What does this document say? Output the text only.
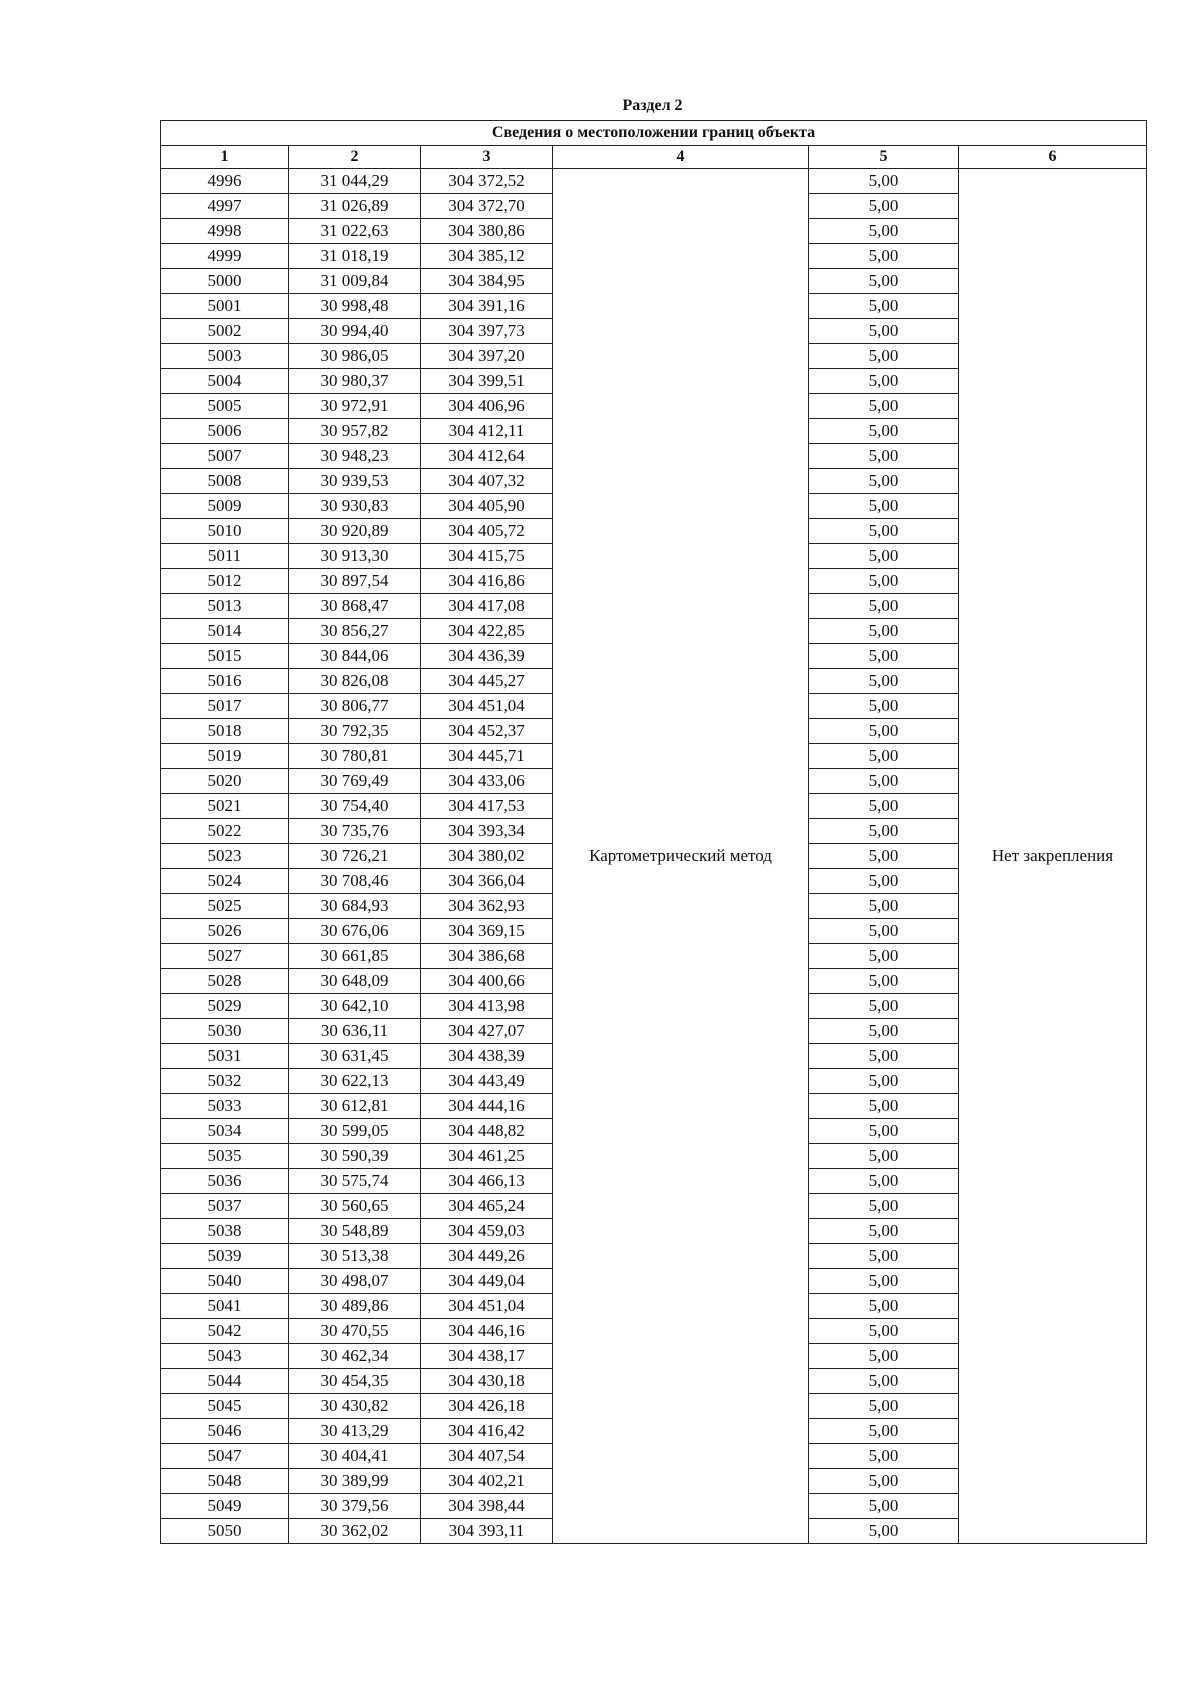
Раздел 2
Сведения о местоположении границ объекта					
1	2	3	4	5	6
4996	31 044,29	304 372,52	Картометрический метод	5,00	Нет закрепления
4997	31 026,89	304 372,70		5,00	
4998	31 022,63	304 380,86		5,00	
4999	31 018,19	304 385,12		5,00	
5000	31 009,84	304 384,95		5,00	
5001	30 998,48	304 391,16		5,00	
5002	30 994,40	304 397,73		5,00	
5003	30 986,05	304 397,20		5,00	
5004	30 980,37	304 399,51		5,00	
5005	30 972,91	304 406,96		5,00	
5006	30 957,82	304 412,11		5,00	
5007	30 948,23	304 412,64		5,00	
5008	30 939,53	304 407,32		5,00	
5009	30 930,83	304 405,90		5,00	
5010	30 920,89	304 405,72		5,00	
5011	30 913,30	304 415,75		5,00	
5012	30 897,54	304 416,86		5,00	
5013	30 868,47	304 417,08		5,00	
5014	30 856,27	304 422,85		5,00	
5015	30 844,06	304 436,39		5,00	
5016	30 826,08	304 445,27		5,00	
5017	30 806,77	304 451,04		5,00	
5018	30 792,35	304 452,37		5,00	
5019	30 780,81	304 445,71		5,00	
5020	30 769,49	304 433,06		5,00	
5021	30 754,40	304 417,53		5,00	
5022	30 735,76	304 393,34		5,00	
5023	30 726,21	304 380,02		5,00	
5024	30 708,46	304 366,04		5,00	
5025	30 684,93	304 362,93		5,00	
5026	30 676,06	304 369,15		5,00	
5027	30 661,85	304 386,68		5,00	
5028	30 648,09	304 400,66		5,00	
5029	30 642,10	304 413,98		5,00	
5030	30 636,11	304 427,07		5,00	
5031	30 631,45	304 438,39		5,00	
5032	30 622,13	304 443,49		5,00	
5033	30 612,81	304 444,16		5,00	
5034	30 599,05	304 448,82		5,00	
5035	30 590,39	304 461,25		5,00	
5036	30 575,74	304 466,13		5,00	
5037	30 560,65	304 465,24		5,00	
5038	30 548,89	304 459,03		5,00	
5039	30 513,38	304 449,26		5,00	
5040	30 498,07	304 449,04		5,00	
5041	30 489,86	304 451,04		5,00	
5042	30 470,55	304 446,16		5,00	
5043	30 462,34	304 438,17		5,00	
5044	30 454,35	304 430,18		5,00	
5045	30 430,82	304 426,18		5,00	
5046	30 413,29	304 416,42		5,00	
5047	30 404,41	304 407,54		5,00	
5048	30 389,99	304 402,21		5,00	
5049	30 379,56	304 398,44		5,00	
5050	30 362,02	304 393,11		5,00	
